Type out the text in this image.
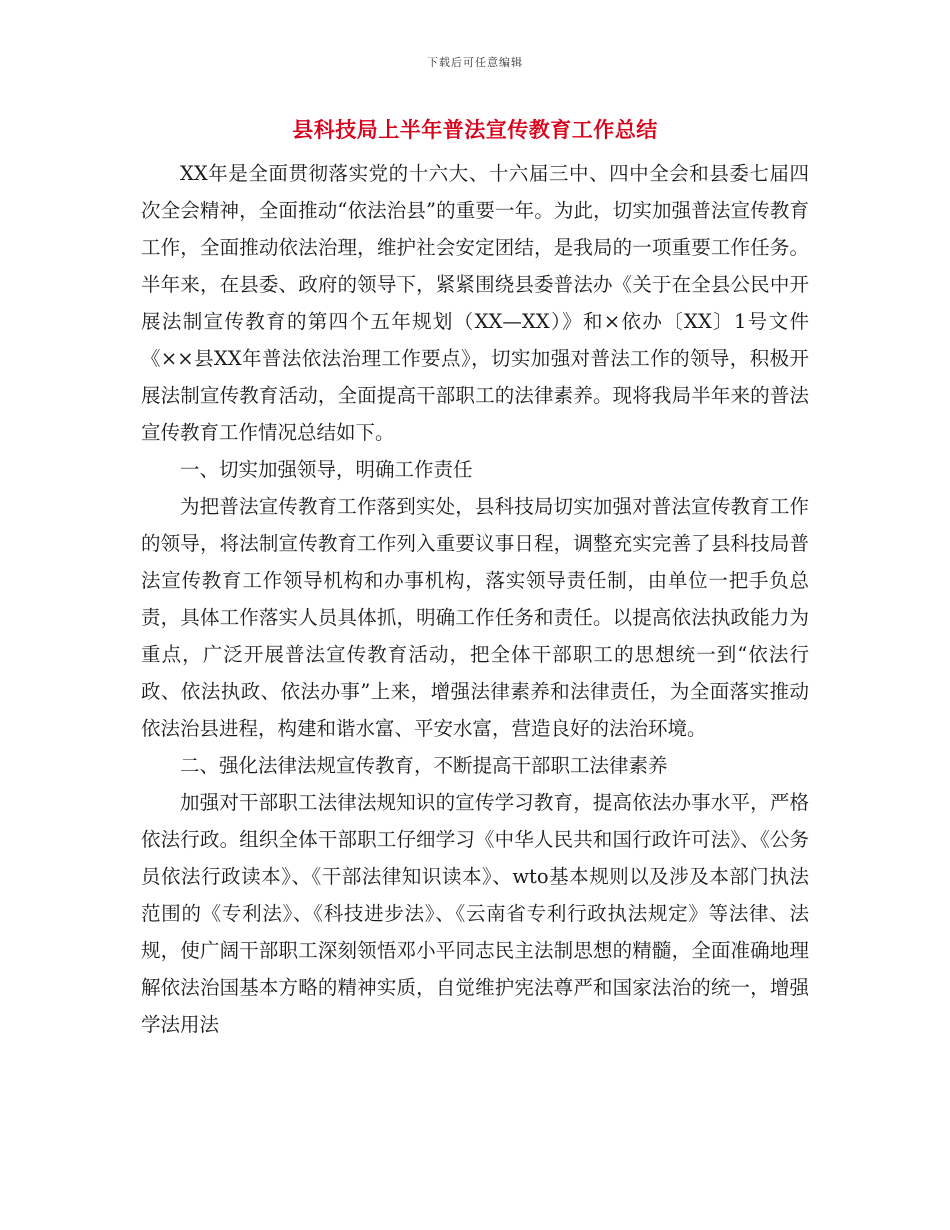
下载后可任意编辑
县科技局上半年普法宣传教育工作总结

XX年是全面贯彻落实党的十六大、十六届三中、四中全会和县委七届四次全会精神，全面推动“依法治县”的重要一年。为此，切实加强普法宣传教育工作，全面推动依法治理，维护社会安定团结，是我局的一项重要工作任务。半年来，在县委、政府的领导下，紧紧围绕县委普法办《关于在全县公民中开展法制宣传教育的第四个五年规划（XX—XX）》和×依办〔XX〕1号文件《××县XX年普法依法治理工作要点》，切实加强对普法工作的领导，积极开展法制宣传教育活动，全面提高干部职工的法律素养。现将我局半年来的普法宣传教育工作情况总结如下。

一、切实加强领导，明确工作责任

为把普法宣传教育工作落到实处，县科技局切实加强对普法宣传教育工作的领导，将法制宣传教育工作列入重要议事日程，调整充实完善了县科技局普法宣传教育工作领导机构和办事机构，落实领导责任制，由单位一把手负总责，具体工作落实人员具体抓，明确工作任务和责任。以提高依法执政能力为重点，广泛开展普法宣传教育活动，把全体干部职工的思想统一到“依法行政、依法执政、依法办事”上来，增强法律素养和法律责任，为全面落实推动依法治县进程，构建和谐水富、平安水富，营造良好的法治环境。

二、强化法律法规宣传教育，不断提高干部职工法律素养

加强对干部职工法律法规知识的宣传学习教育，提高依法办事水平，严格依法行政。组织全体干部职工仔细学习《中华人民共和国行政许可法》、《公务员依法行政读本》、《干部法律知识读本》、wto基本规则以及涉及本部门执法范围的《专利法》、《科技进步法》、《云南省专利行政执法规定》等法律、法规，使广阔干部职工深刻领悟邓小平同志民主法制思想的精髓，全面准确地理解依法治国基本方略的精神实质，自觉维护宪法尊严和国家法治的统一，增强学法用法
